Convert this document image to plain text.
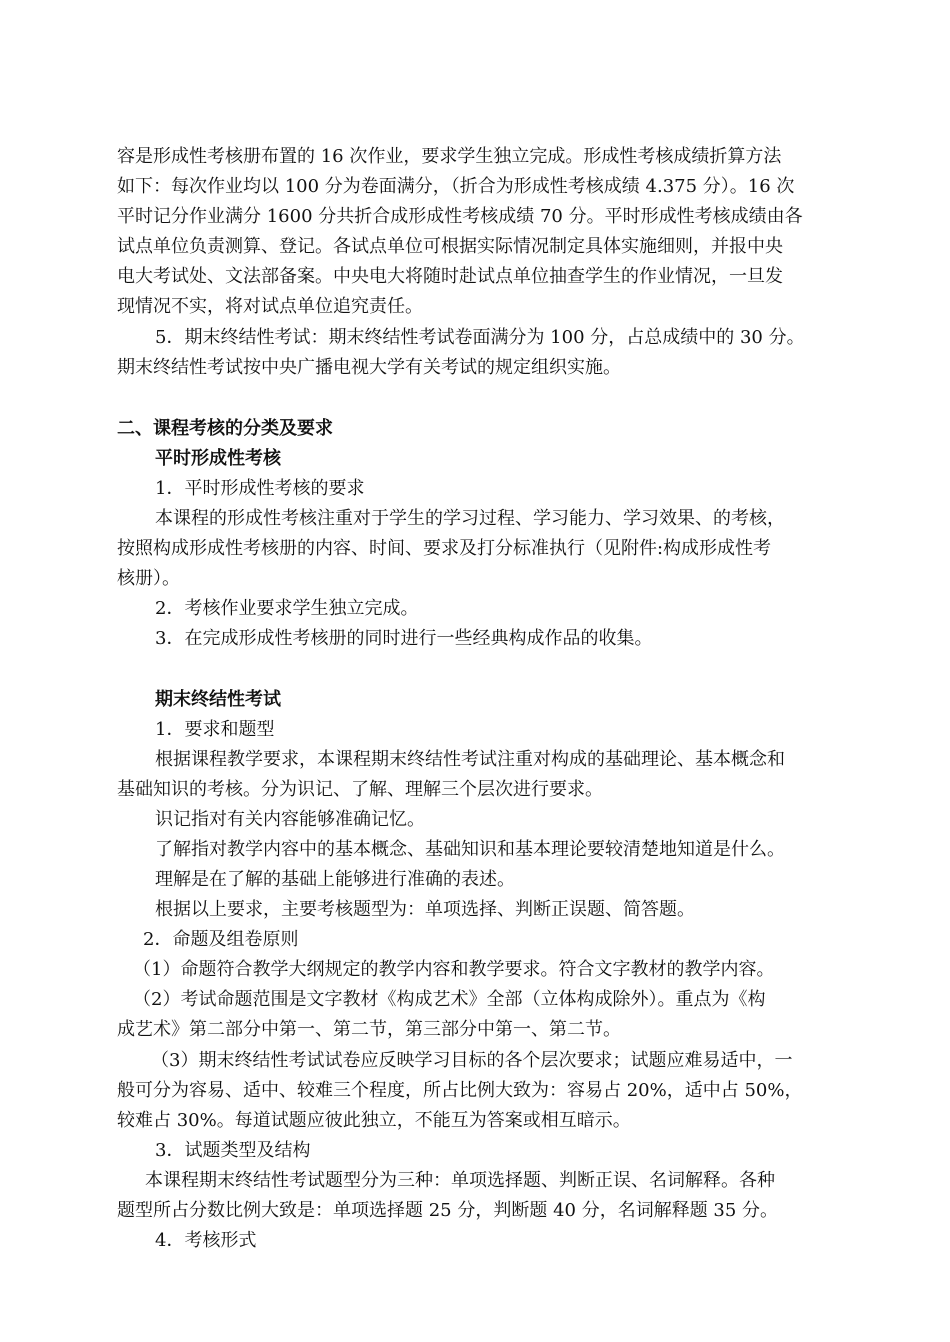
容是形成性考核册布置的 16 次作业，要求学生独立完成。形成性考核成绩折算方法
如下：每次作业均以 100 分为卷面满分，（折合为形成性考核成绩 4.375 分）。16 次
平时记分作业满分 1600 分共折合成形成性考核成绩 70 分。平时形成性考核成绩由各
试点单位负责测算、登记。各试点单位可根据实际情况制定具体实施细则，并报中央
电大考试处、文法部备案。中央电大将随时赴试点单位抽查学生的作业情况，一旦发
现情况不实，将对试点单位追究责任。
5．期末终结性考试：期末终结性考试卷面满分为 100 分，占总成绩中的 30 分。
期末终结性考试按中央广播电视大学有关考试的规定组织实施。
二、课程考核的分类及要求
平时形成性考核
1．平时形成性考核的要求
本课程的形成性考核注重对于学生的学习过程、学习能力、学习效果、的考核，
按照构成形成性考核册的内容、时间、要求及打分标准执行（见附件:构成形成性考
核册）。
2．考核作业要求学生独立完成。
3．在完成形成性考核册的同时进行一些经典构成作品的收集。
期末终结性考试
1．要求和题型
根据课程教学要求，本课程期末终结性考试注重对构成的基础理论、基本概念和
基础知识的考核。分为识记、了解、理解三个层次进行要求。
识记指对有关内容能够准确记忆。
了解指对教学内容中的基本概念、基础知识和基本理论要较清楚地知道是什么。
理解是在了解的基础上能够进行准确的表述。
根据以上要求，主要考核题型为：单项选择、判断正误题、简答题。
2．命题及组卷原则
（1）命题符合教学大纲规定的教学内容和教学要求。符合文字教材的教学内容。
（2）考试命题范围是文字教材《构成艺术》全部（立体构成除外）。重点为《构
成艺术》第二部分中第一、第二节，第三部分中第一、第二节。
（3）期末终结性考试试卷应反映学习目标的各个层次要求；试题应难易适中，一
般可分为容易、适中、较难三个程度，所占比例大致为：容易占 20%，适中占 50%，
较难占 30%。每道试题应彼此独立，不能互为答案或相互暗示。
3．试题类型及结构
本课程期末终结性考试题型分为三种：单项选择题、判断正误、名词解释。各种
题型所占分数比例大致是：单项选择题 25 分，判断题 40 分，名词解释题 35 分。
4．考核形式
